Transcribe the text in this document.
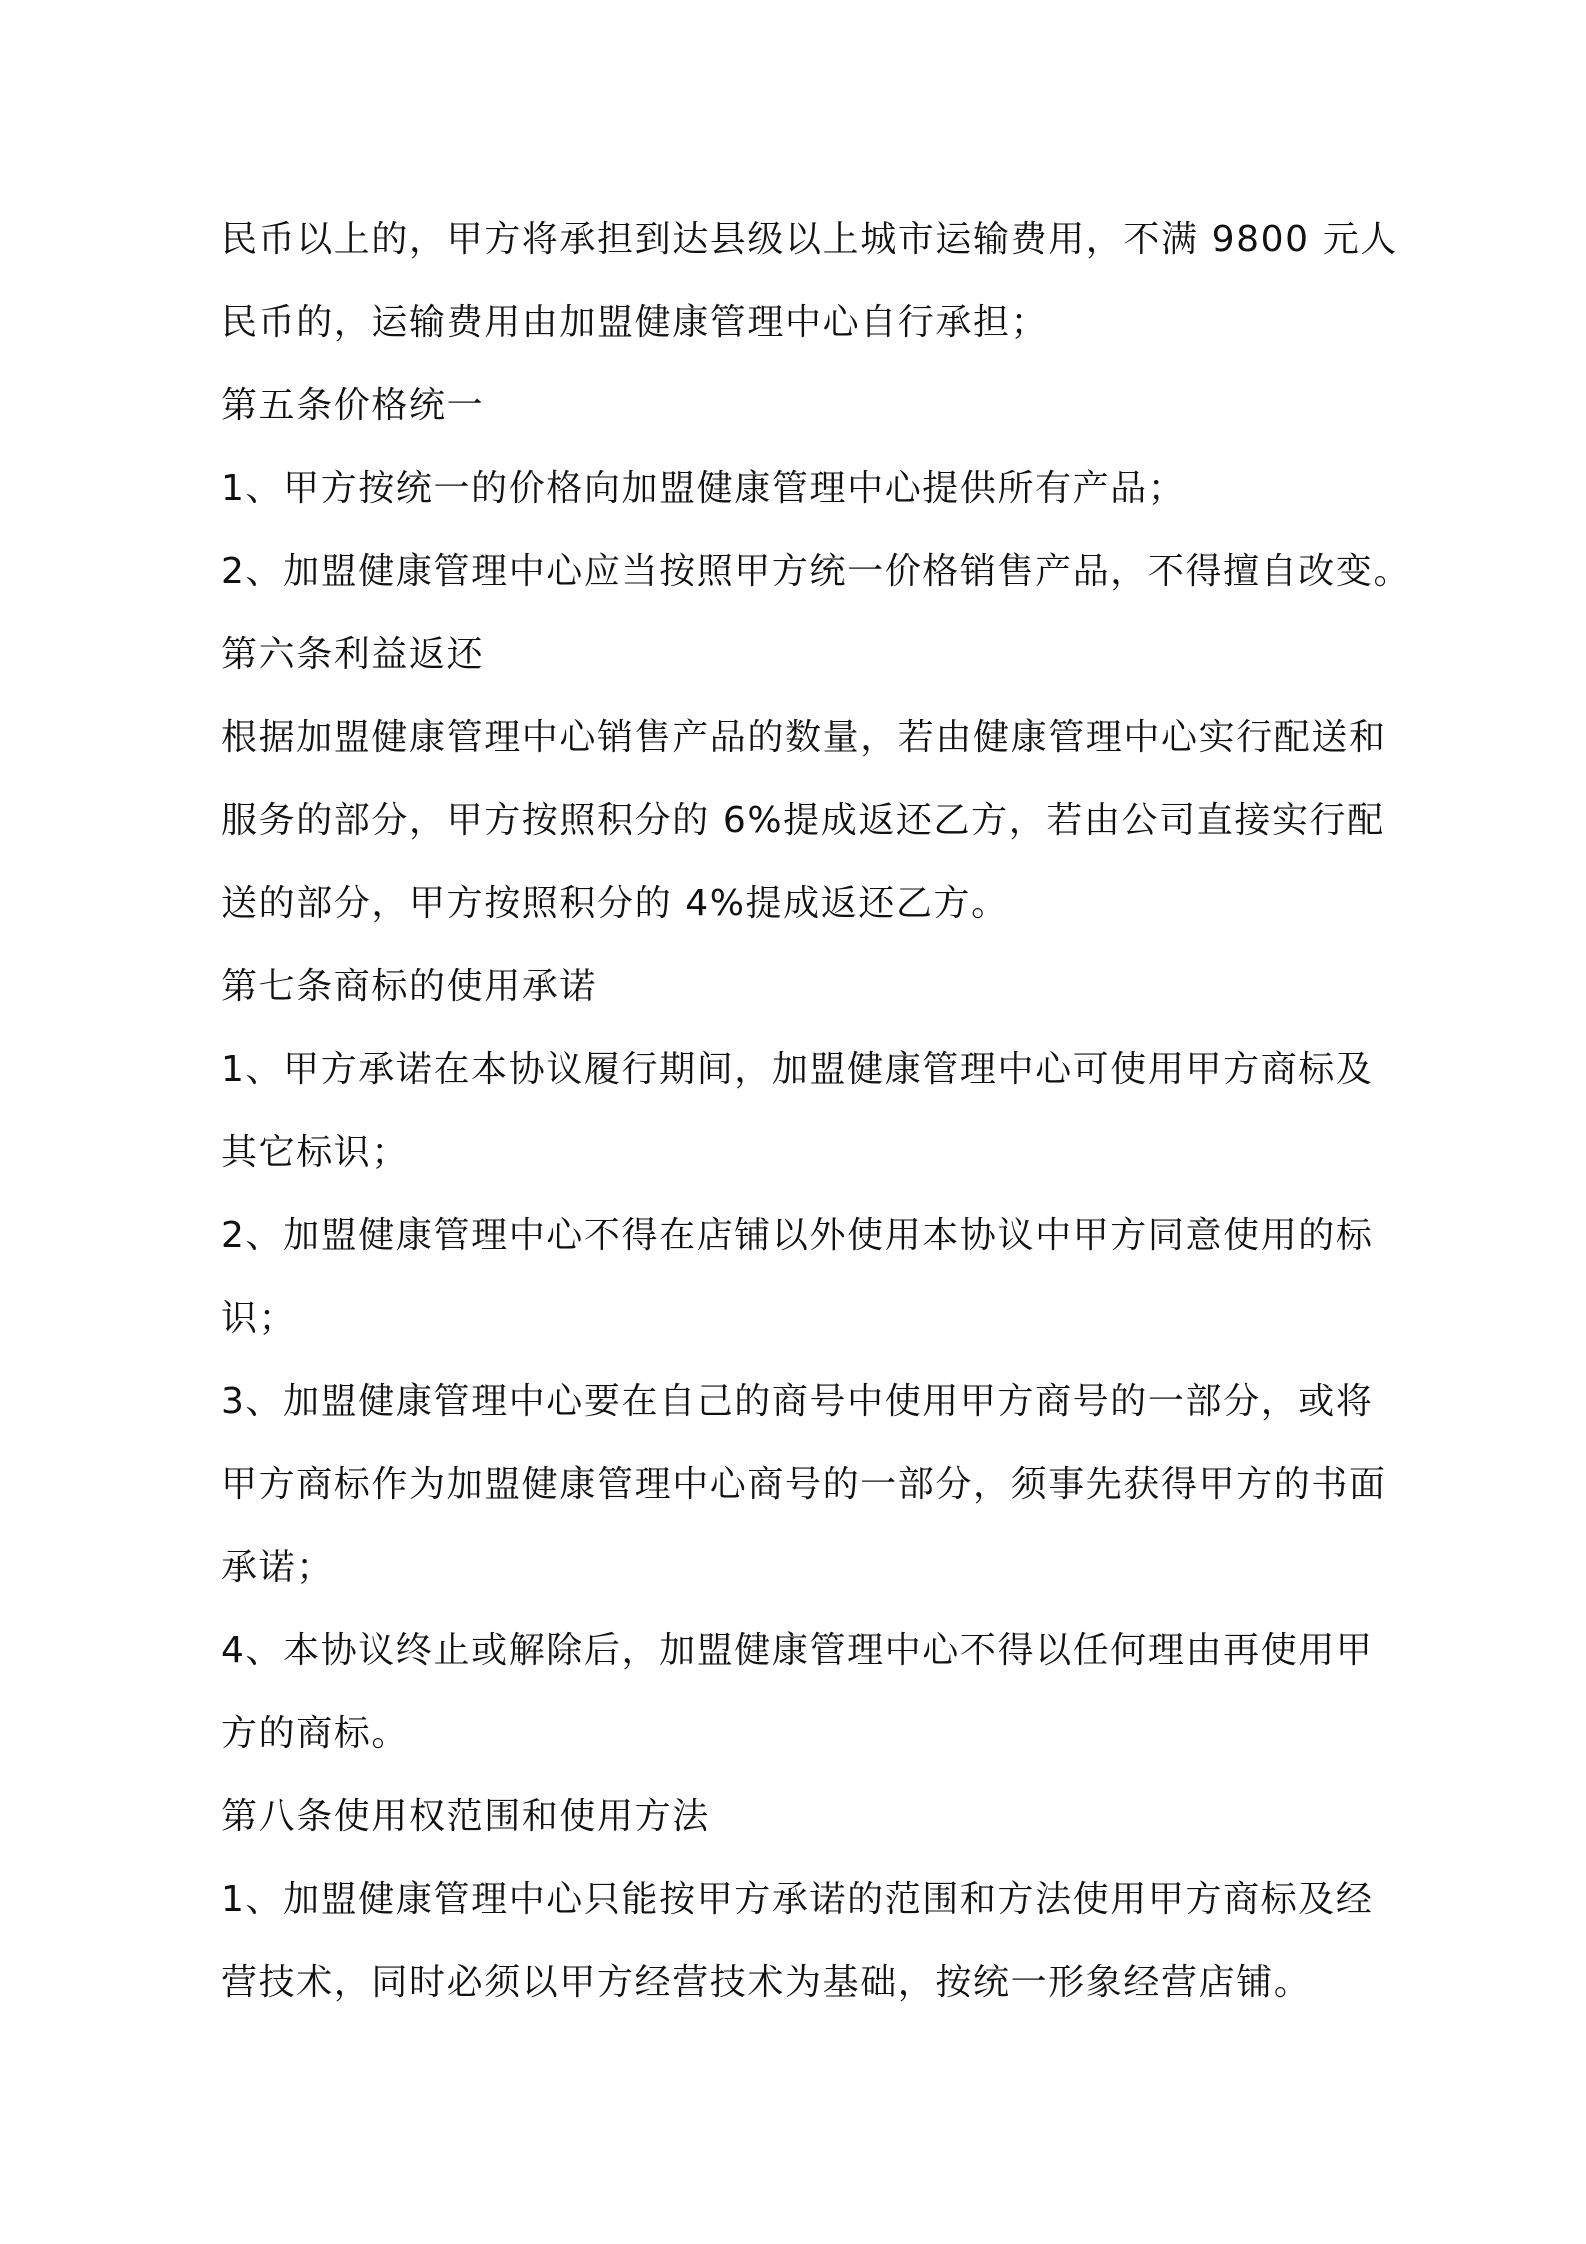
民币以上的，甲方将承担到达县级以上城市运输费用，不满 9800 元人
民币的，运输费用由加盟健康管理中心自行承担；
第五条价格统一
1、甲方按统一的价格向加盟健康管理中心提供所有产品；
2、加盟健康管理中心应当按照甲方统一价格销售产品，不得擅自改变。
第六条利益返还
根据加盟健康管理中心销售产品的数量，若由健康管理中心实行配送和
服务的部分，甲方按照积分的 6%提成返还乙方，若由公司直接实行配
送的部分，甲方按照积分的 4%提成返还乙方。
第七条商标的使用承诺
1、甲方承诺在本协议履行期间，加盟健康管理中心可使用甲方商标及
其它标识；
2、加盟健康管理中心不得在店铺以外使用本协议中甲方同意使用的标
识；
3、加盟健康管理中心要在自己的商号中使用甲方商号的一部分，或将
甲方商标作为加盟健康管理中心商号的一部分，须事先获得甲方的书面
承诺；
4、本协议终止或解除后，加盟健康管理中心不得以任何理由再使用甲
方的商标。
第八条使用权范围和使用方法
1、加盟健康管理中心只能按甲方承诺的范围和方法使用甲方商标及经
营技术，同时必须以甲方经营技术为基础，按统一形象经营店铺。
